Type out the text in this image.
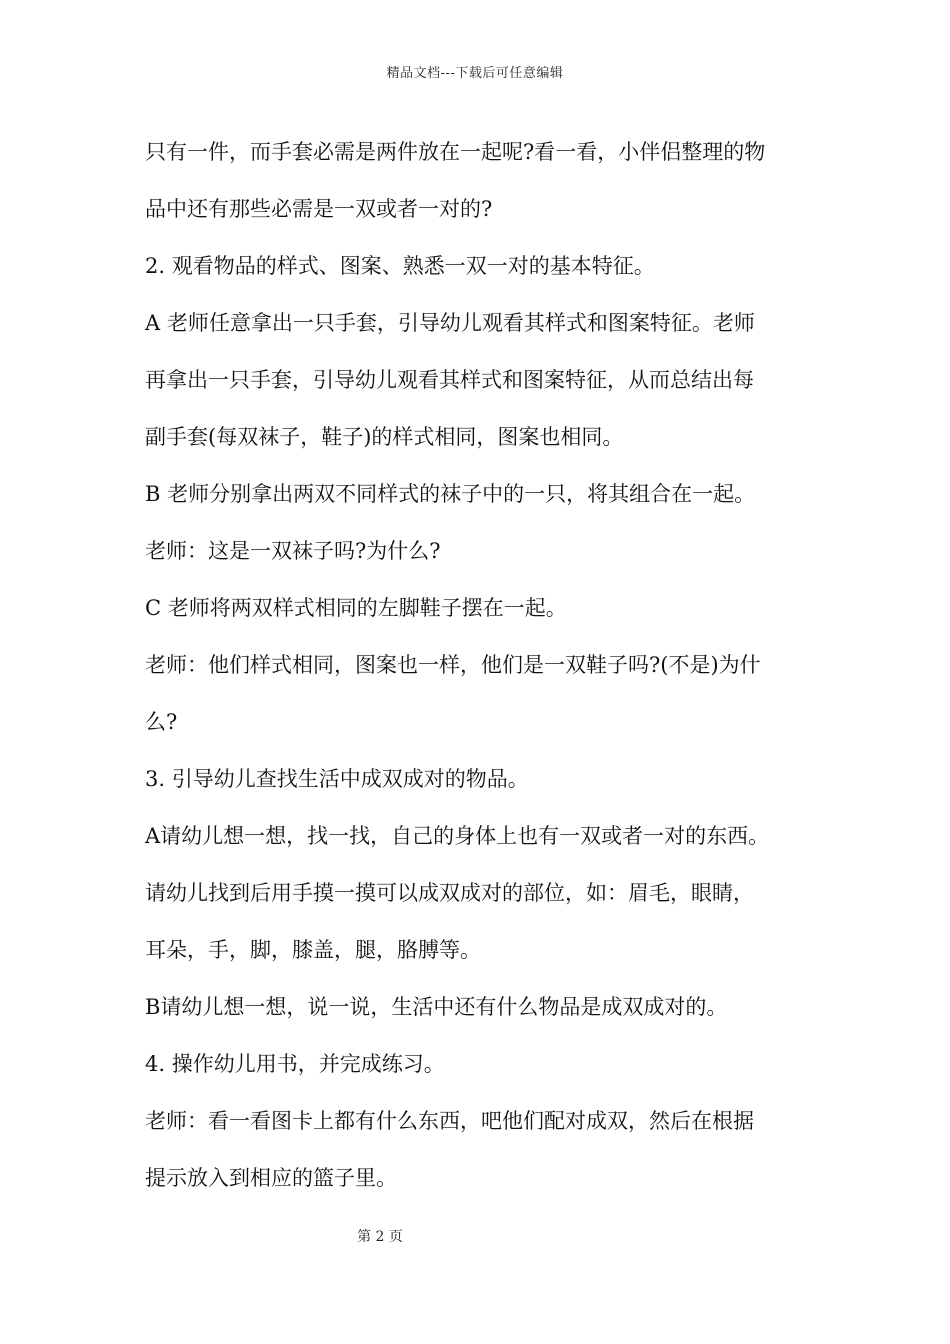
精品文档---下载后可任意编辑
只有一件，而手套必需是两件放在一起呢?看一看，小伴侣整理的物
品中还有那些必需是一双或者一对的?
2. 观看物品的样式、图案、熟悉一双一对的基本特征。
A 老师任意拿出一只手套，引导幼儿观看其样式和图案特征。老师
再拿出一只手套，引导幼儿观看其样式和图案特征，从而总结出每
副手套(每双袜子，鞋子)的样式相同，图案也相同。
B 老师分别拿出两双不同样式的袜子中的一只，将其组合在一起。
老师：这是一双袜子吗?为什么?
C 老师将两双样式相同的左脚鞋子摆在一起。
老师：他们样式相同，图案也一样，他们是一双鞋子吗?(不是)为什
么?
3. 引导幼儿查找生活中成双成对的物品。
A请幼儿想一想，找一找，自己的身体上也有一双或者一对的东西。
请幼儿找到后用手摸一摸可以成双成对的部位，如：眉毛，眼睛，
耳朵，手，脚，膝盖，腿，胳膊等。
B请幼儿想一想，说一说，生活中还有什么物品是成双成对的。
4. 操作幼儿用书，并完成练习。
老师：看一看图卡上都有什么东西，吧他们配对成双，然后在根据
提示放入到相应的篮子里。
第 2 页
